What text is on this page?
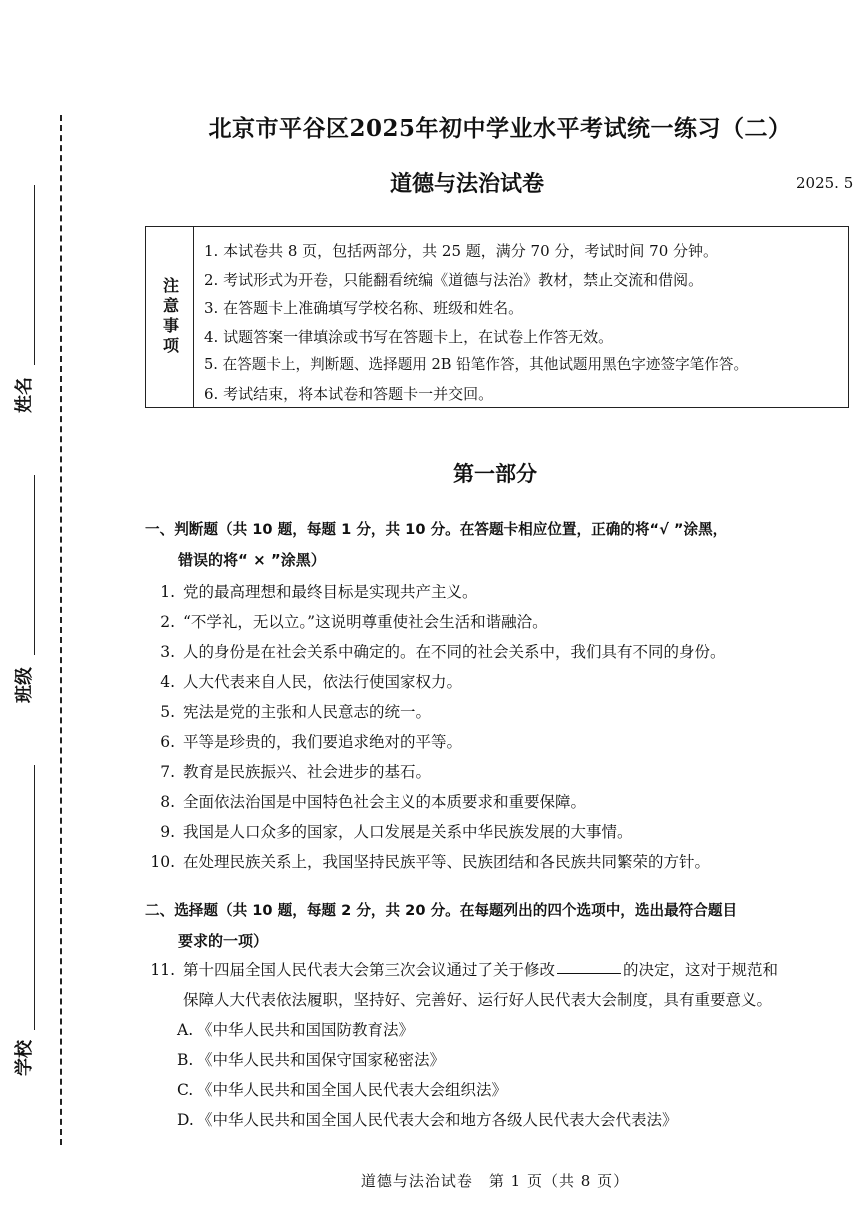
姓名
班级
学校
北京市平谷区2025年初中学业水平考试统一练习（二）
道德与法治试卷	2025. 5
注意事项
1. 本试卷共 8 页，包括两部分，共 25 题，满分 70 分，考试时间 70 分钟。
2. 考试形式为开卷，只能翻看统编《道德与法治》教材，禁止交流和借阅。
3. 在答题卡上准确填写学校名称、班级和姓名。
4. 试题答案一律填涂或书写在答题卡上，在试卷上作答无效。
5. 在答题卡上，判断题、选择题用 2B 铅笔作答，其他试题用黑色字迹签字笔作答。
6. 考试结束，将本试卷和答题卡一并交回。
第一部分
一、判断题（共 10 题，每题 1 分，共 10 分。在答题卡相应位置，正确的将“√ ”涂黑，
错误的将“ × ”涂黑）
1. 党的最高理想和最终目标是实现共产主义。
2. “不学礼，无以立。”这说明尊重使社会生活和谐融洽。
3. 人的身份是在社会关系中确定的。在不同的社会关系中，我们具有不同的身份。
4. 人大代表来自人民，依法行使国家权力。
5. 宪法是党的主张和人民意志的统一。
6. 平等是珍贵的，我们要追求绝对的平等。
7. 教育是民族振兴、社会进步的基石。
8. 全面依法治国是中国特色社会主义的本质要求和重要保障。
9. 我国是人口众多的国家，人口发展是关系中华民族发展的大事情。
10. 在处理民族关系上，我国坚持民族平等、民族团结和各民族共同繁荣的方针。
二、选择题（共 10 题，每题 2 分，共 20 分。在每题列出的四个选项中，选出最符合题目
要求的一项）
11. 第十四届全国人民代表大会第三次会议通过了关于修改	的决定，这对于规范和
保障人大代表依法履职，坚持好、完善好、运行好人民代表大会制度，具有重要意义。
A. 《中华人民共和国国防教育法》
B. 《中华人民共和国保守国家秘密法》
C. 《中华人民共和国全国人民代表大会组织法》
D. 《中华人民共和国全国人民代表大会和地方各级人民代表大会代表法》
道德与法治试卷　第 1 页（共 8 页）
